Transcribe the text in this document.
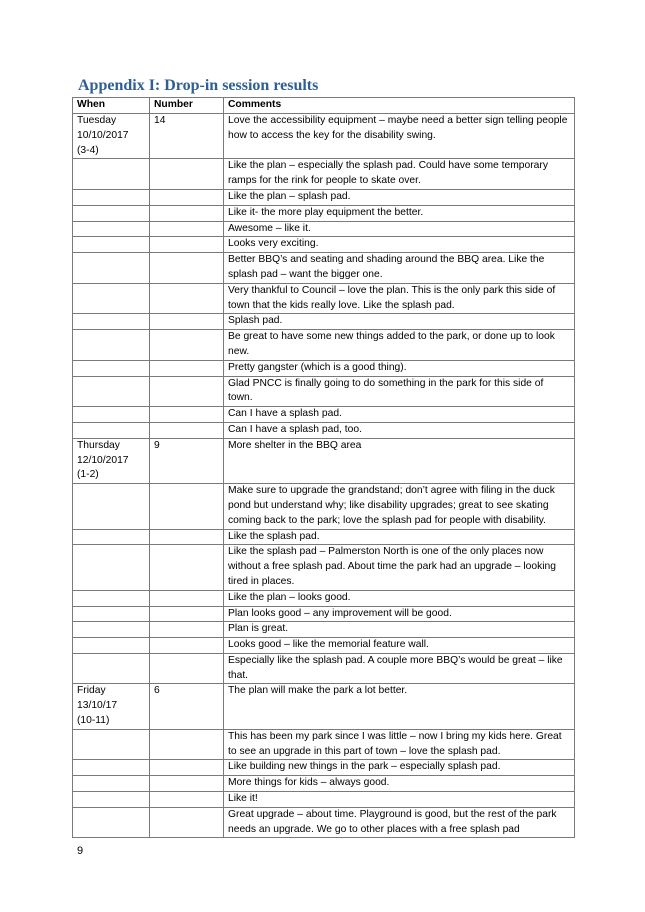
Appendix I: Drop-in session results
When	Number	Comments
Tuesday
10/10/2017
(3-4)	14	Love the accessibility equipment – maybe need a better sign telling people how to access the key for the disability swing.
		Like the plan – especially the splash pad. Could have some temporary ramps for the rink for people to skate over.
		Like the plan – splash pad.
		Like it- the more play equipment the better.
		Awesome – like it.
		Looks very exciting.
		Better BBQ’s and seating and shading around the BBQ area. Like the splash pad – want the bigger one.
		Very thankful to Council – love the plan. This is the only park this side of town that the kids really love. Like the splash pad.
		Splash pad.
		Be great to have some new things added to the park, or done up to look new.
		Pretty gangster (which is a good thing).
		Glad PNCC is finally going to do something in the park for this side of town.
		Can I have a splash pad.
		Can I have a splash pad, too.
Thursday
12/10/2017
(1-2)	9	More shelter in the BBQ area
		Make sure to upgrade the grandstand; don’t agree with filing in the duck pond but understand why; like disability upgrades; great to see skating coming back to the park; love the splash pad for people with disability.
		Like the splash pad.
		Like the splash pad – Palmerston North is one of the only places now without a free splash pad. About time the park had an upgrade – looking tired in places.
		Like the plan – looks good.
		Plan looks good – any improvement will be good.
		Plan is great.
		Looks good – like the memorial feature wall.
		Especially like the splash pad. A couple more BBQ’s would be great – like that.
Friday
13/10/17
(10-11)	6	The plan will make the park a lot better.
		This has been my park since I was little – now I bring my kids here. Great to see an upgrade in this part of town – love the splash pad.
		Like building new things in the park – especially splash pad.
		More things for kids – always good.
		Like it!
		Great upgrade – about time. Playground is good, but the rest of the park needs an upgrade. We go to other places with a free splash pad
9
